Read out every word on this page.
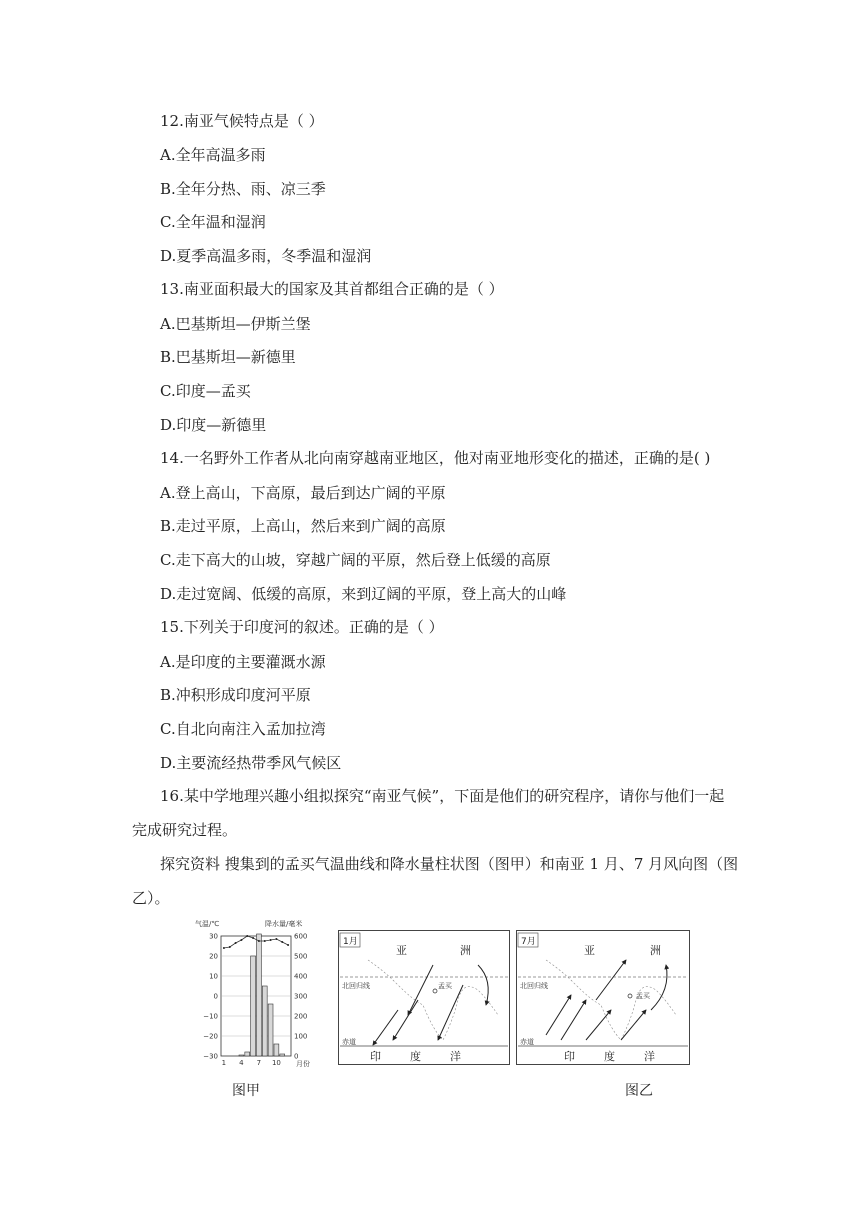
12.南亚气候特点是（ ）
A.全年高温多雨
B.全年分热、雨、凉三季
C.全年温和湿润
D.夏季高温多雨，冬季温和湿润
13.南亚面积最大的国家及其首都组合正确的是（ ）
A.巴基斯坦—伊斯兰堡
B.巴基斯坦—新德里
C.印度—孟买
D.印度—新德里
14.一名野外工作者从北向南穿越南亚地区，他对南亚地形变化的描述，正确的是( )
A.登上高山，下高原，最后到达广阔的平原
B.走过平原，上高山，然后来到广阔的高原
C.走下高大的山坡，穿越广阔的平原，然后登上低缓的高原
D.走过宽阔、低缓的高原，来到辽阔的平原，登上高大的山峰
15.下列关于印度河的叙述。正确的是（ ）
A.是印度的主要灌溉水源
B.冲积形成印度河平原
C.自北向南注入孟加拉湾
D.主要流经热带季风气候区
16.某中学地理兴趣小组拟探究“南亚气候”，下面是他们的研究程序，请你与他们一起
完成研究过程。
探究资料 搜集到的孟买气温曲线和降水量柱状图（图甲）和南亚 1 月、7 月风向图（图
乙）。
气温/℃	降水量/毫米
30
20
10
0
−10
−20
−30
600
500
400
300
200
100
0
1 4 7 10 月份
图甲
1月
亚	洲
北回归线	孟买
赤道
印	度	洋
7月
亚	洲
北回归线
孟买
赤道
印	度	洋
图乙
